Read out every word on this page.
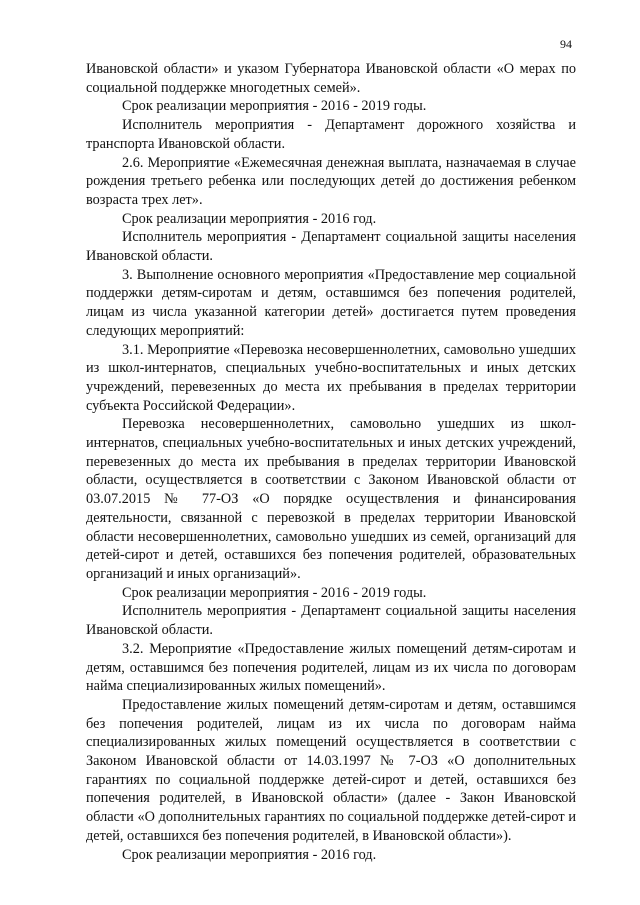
94

Ивановской области» и указом Губернатора Ивановской области «О мерах по социальной поддержке многодетных семей».

Срок реализации мероприятия - 2016 - 2019 годы.

Исполнитель мероприятия - Департамент дорожного хозяйства и транспорта Ивановской области.

2.6. Мероприятие «Ежемесячная денежная выплата, назначаемая в случае рождения третьего ребенка или последующих детей до достижения ребенком возраста трех лет».

Срок реализации мероприятия - 2016 год.

Исполнитель мероприятия - Департамент социальной защиты населения Ивановской области.

3. Выполнение основного мероприятия «Предоставление мер социальной поддержки детям-сиротам и детям, оставшимся без попечения родителей, лицам из числа указанной категории детей» достигается путем проведения следующих мероприятий:

3.1. Мероприятие «Перевозка несовершеннолетних, самовольно ушедших из школ-интернатов, специальных учебно-воспитательных и иных детских учреждений, перевезенных до места их пребывания в пределах территории субъекта Российской Федерации».

Перевозка несовершеннолетних, самовольно ушедших из школ-интернатов, специальных учебно-воспитательных и иных детских учреждений, перевезенных до места их пребывания в пределах территории Ивановской области, осуществляется в соответствии с Законом Ивановской области от 03.07.2015 № 77-ОЗ «О порядке осуществления и финансирования деятельности, связанной с перевозкой в пределах территории Ивановской области несовершеннолетних, самовольно ушедших из семей, организаций для детей-сирот и детей, оставшихся без попечения родителей, образовательных организаций и иных организаций».

Срок реализации мероприятия - 2016 - 2019 годы.

Исполнитель мероприятия - Департамент социальной защиты населения Ивановской области.

3.2. Мероприятие «Предоставление жилых помещений детям-сиротам и детям, оставшимся без попечения родителей, лицам из их числа по договорам найма специализированных жилых помещений».

Предоставление жилых помещений детям-сиротам и детям, оставшимся без попечения родителей, лицам из их числа по договорам найма специализированных жилых помещений осуществляется в соответствии с Законом Ивановской области от 14.03.1997 № 7-ОЗ «О дополнительных гарантиях по социальной поддержке детей-сирот и детей, оставшихся без попечения родителей, в Ивановской области» (далее - Закон Ивановской области «О дополнительных гарантиях по социальной поддержке детей-сирот и детей, оставшихся без попечения родителей, в Ивановской области»).

Срок реализации мероприятия - 2016 год.
